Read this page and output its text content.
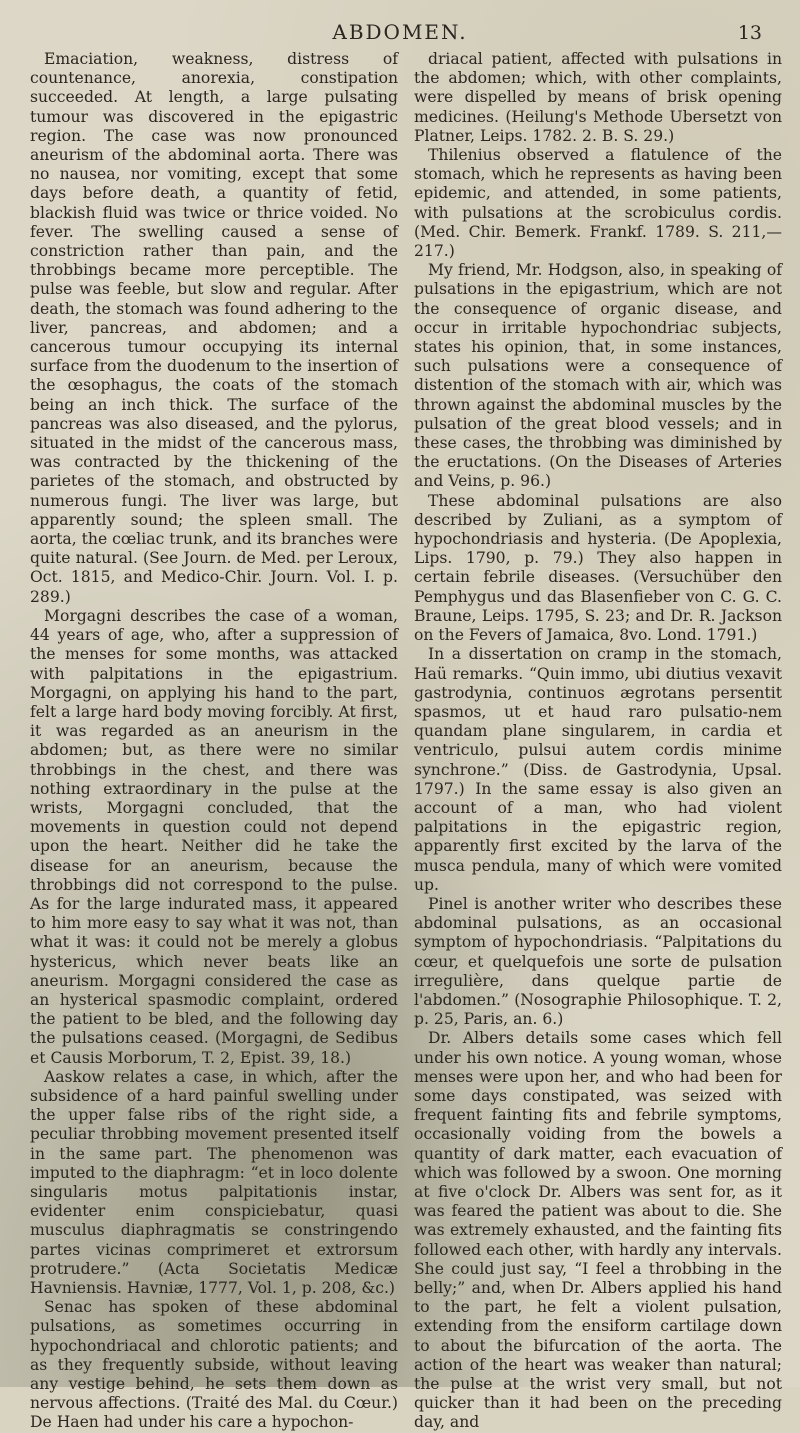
ABDOMEN.	13

Emaciation, weakness, distress of countenance, anorexia, constipation succeeded. At length, a large pulsating tumour was discovered in the epigastric region. The case was now pronounced aneurism of the abdominal aorta. There was no nausea, nor vomiting, except that some days before death, a quantity of fetid, blackish fluid was twice or thrice voided. No fever. The swelling caused a sense of constriction rather than pain, and the throbbings became more perceptible. The pulse was feeble, but slow and regular. After death, the stomach was found adhering to the liver, pancreas, and abdomen; and a cancerous tumour occupying its internal surface from the duodenum to the insertion of the œsophagus, the coats of the stomach being an inch thick. The surface of the pancreas was also diseased, and the pylorus, situated in the midst of the cancerous mass, was contracted by the thickening of the parietes of the stomach, and obstructed by numerous fungi. The liver was large, but apparently sound; the spleen small. The aorta, the cœliac trunk, and its branches were quite natural. (See Journ. de Med. per Leroux, Oct. 1815, and Medico-Chir. Journ. Vol. I. p. 289.)

Morgagni describes the case of a woman, 44 years of age, who, after a suppression of the menses for some months, was attacked with palpitations in the epigastrium. Morgagni, on applying his hand to the part, felt a large hard body moving forcibly. At first, it was regarded as an aneurism in the abdomen; but, as there were no similar throbbings in the chest, and there was nothing extraordinary in the pulse at the wrists, Morgagni concluded, that the movements in question could not depend upon the heart. Neither did he take the disease for an aneurism, because the throbbings did not correspond to the pulse. As for the large indurated mass, it appeared to him more easy to say what it was not, than what it was: it could not be merely a globus hystericus, which never beats like an aneurism. Morgagni considered the case as an hysterical spasmodic complaint, ordered the patient to be bled, and the following day the pulsations ceased. (Morgagni, de Sedibus et Causis Morborum, T. 2, Epist. 39, 18.)

Aaskow relates a case, in which, after the subsidence of a hard painful swelling under the upper false ribs of the right side, a peculiar throbbing movement presented itself in the same part. The phenomenon was imputed to the diaphragm: “et in loco dolente singularis motus palpitationis instar, evidenter enim conspiciebatur, quasi musculus diaphragmatis se constringendo partes vicinas comprimeret et extrorsum protrudere.” (Acta Societatis Medicæ Havniensis. Havniæ, 1777, Vol. 1, p. 208, &c.)

Senac has spoken of these abdominal pulsations, as sometimes occurring in hypochondriacal and chlorotic patients; and as they frequently subside, without leaving any vestige behind, he sets them down as nervous affections. (Traité des Mal. du Cœur.) De Haen had under his care a hypochon-

driacal patient, affected with pulsations in the abdomen; which, with other complaints, were dispelled by means of brisk opening medicines. (Heilung's Methode Ubersetzt von Platner, Leips. 1782. 2. B. S. 29.)

Thilenius observed a flatulence of the stomach, which he represents as having been epidemic, and attended, in some patients, with pulsations at the scrobiculus cordis. (Med. Chir. Bemerk. Frankf. 1789. S. 211,—217.)

My friend, Mr. Hodgson, also, in speaking of pulsations in the epigastrium, which are not the consequence of organic disease, and occur in irritable hypochondriac subjects, states his opinion, that, in some instances, such pulsations were a consequence of distention of the stomach with air, which was thrown against the abdominal muscles by the pulsation of the great blood vessels; and in these cases, the throbbing was diminished by the eructations. (On the Diseases of Arteries and Veins, p. 96.)

These abdominal pulsations are also described by Zuliani, as a symptom of hypochondriasis and hysteria. (De Apoplexia, Lips. 1790, p. 79.) They also happen in certain febrile diseases. (Versuchüber den Pemphygus und das Blasenfieber von C. G. C. Braune, Leips. 1795, S. 23; and Dr. R. Jackson on the Fevers of Jamaica, 8vo. Lond. 1791.)

In a dissertation on cramp in the stomach, Haü remarks. “Quin immo, ubi diutius vexavit gastrodynia, continuos ægrotans persentit spasmos, ut et haud raro pulsatio-nem quandam plane singularem, in cardia et ventriculo, pulsui autem cordis minime synchrone.” (Diss. de Gastrodynia, Upsal. 1797.) In the same essay is also given an account of a man, who had violent palpitations in the epigastric region, apparently first excited by the larva of the musca pendula, many of which were vomited up.

Pinel is another writer who describes these abdominal pulsations, as an occasional symptom of hypochondriasis. “Palpitations du cœur, et quelquefois une sorte de pulsation irregulière, dans quelque partie de l'abdomen.” (Nosographie Philosophique. T. 2, p. 25, Paris, an. 6.)

Dr. Albers details some cases which fell under his own notice. A young woman, whose menses were upon her, and who had been for some days constipated, was seized with frequent fainting fits and febrile symptoms, occasionally voiding from the bowels a quantity of dark matter, each evacuation of which was followed by a swoon. One morning at five o'clock Dr. Albers was sent for, as it was feared the patient was about to die. She was extremely exhausted, and the fainting fits followed each other, with hardly any intervals. She could just say, “I feel a throbbing in the belly;” and, when Dr. Albers applied his hand to the part, he felt a violent pulsation, extending from the ensiform cartilage down to about the bifurcation of the aorta. The action of the heart was weaker than natural; the pulse at the wrist very small, but not quicker than it had been on the preceding day, and
